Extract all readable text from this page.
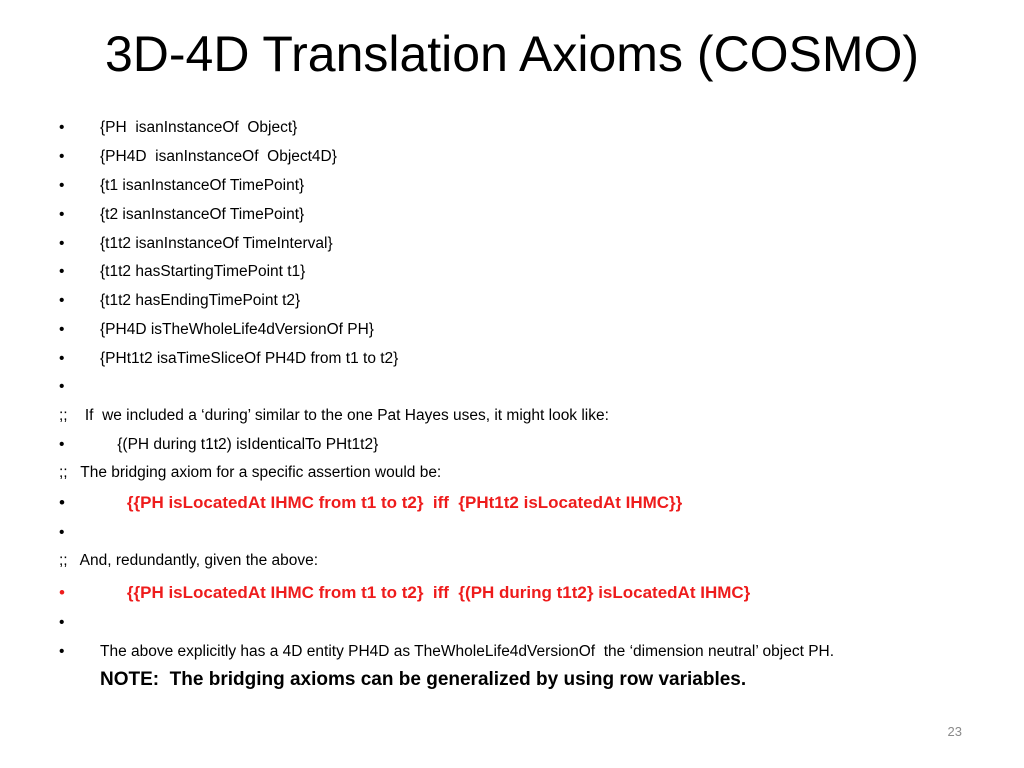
3D-4D Translation Axioms (COSMO)
• {PH  isanInstanceOf  Object}
• {PH4D  isanInstanceOf  Object4D}
• {t1 isanInstanceOf TimePoint}
• {t2 isanInstanceOf TimePoint}
• {t1t2 isanInstanceOf TimeInterval}
• {t1t2 hasStartingTimePoint t1}
• {t1t2 hasEndingTimePoint t2}
• {PH4D isTheWholeLife4dVersionOf PH}
• {PHt1t2 isaTimeSliceOf PH4D from t1 to t2}
•
;;    If  we included a ‘during’ similar to the one Pat Hayes uses, it might look like:
• {(PH during t1t2) isIdenticalTo PHt1t2}
;;   The bridging axiom for a specific assertion would be:
•	{{PH isLocatedAt IHMC from t1 to t2}  iff  {PHt1t2 isLocatedAt IHMC}}
•
;;   And, redundantly, given the above:
•	{{PH isLocatedAt IHMC from t1 to t2}  iff  {(PH during t1t2} isLocatedAt IHMC}
•
• The above explicitly has a 4D entity PH4D as TheWholeLife4dVersionOf  the ‘dimension neutral’ object PH.
NOTE:  The bridging axioms can be generalized by using row variables.
23
